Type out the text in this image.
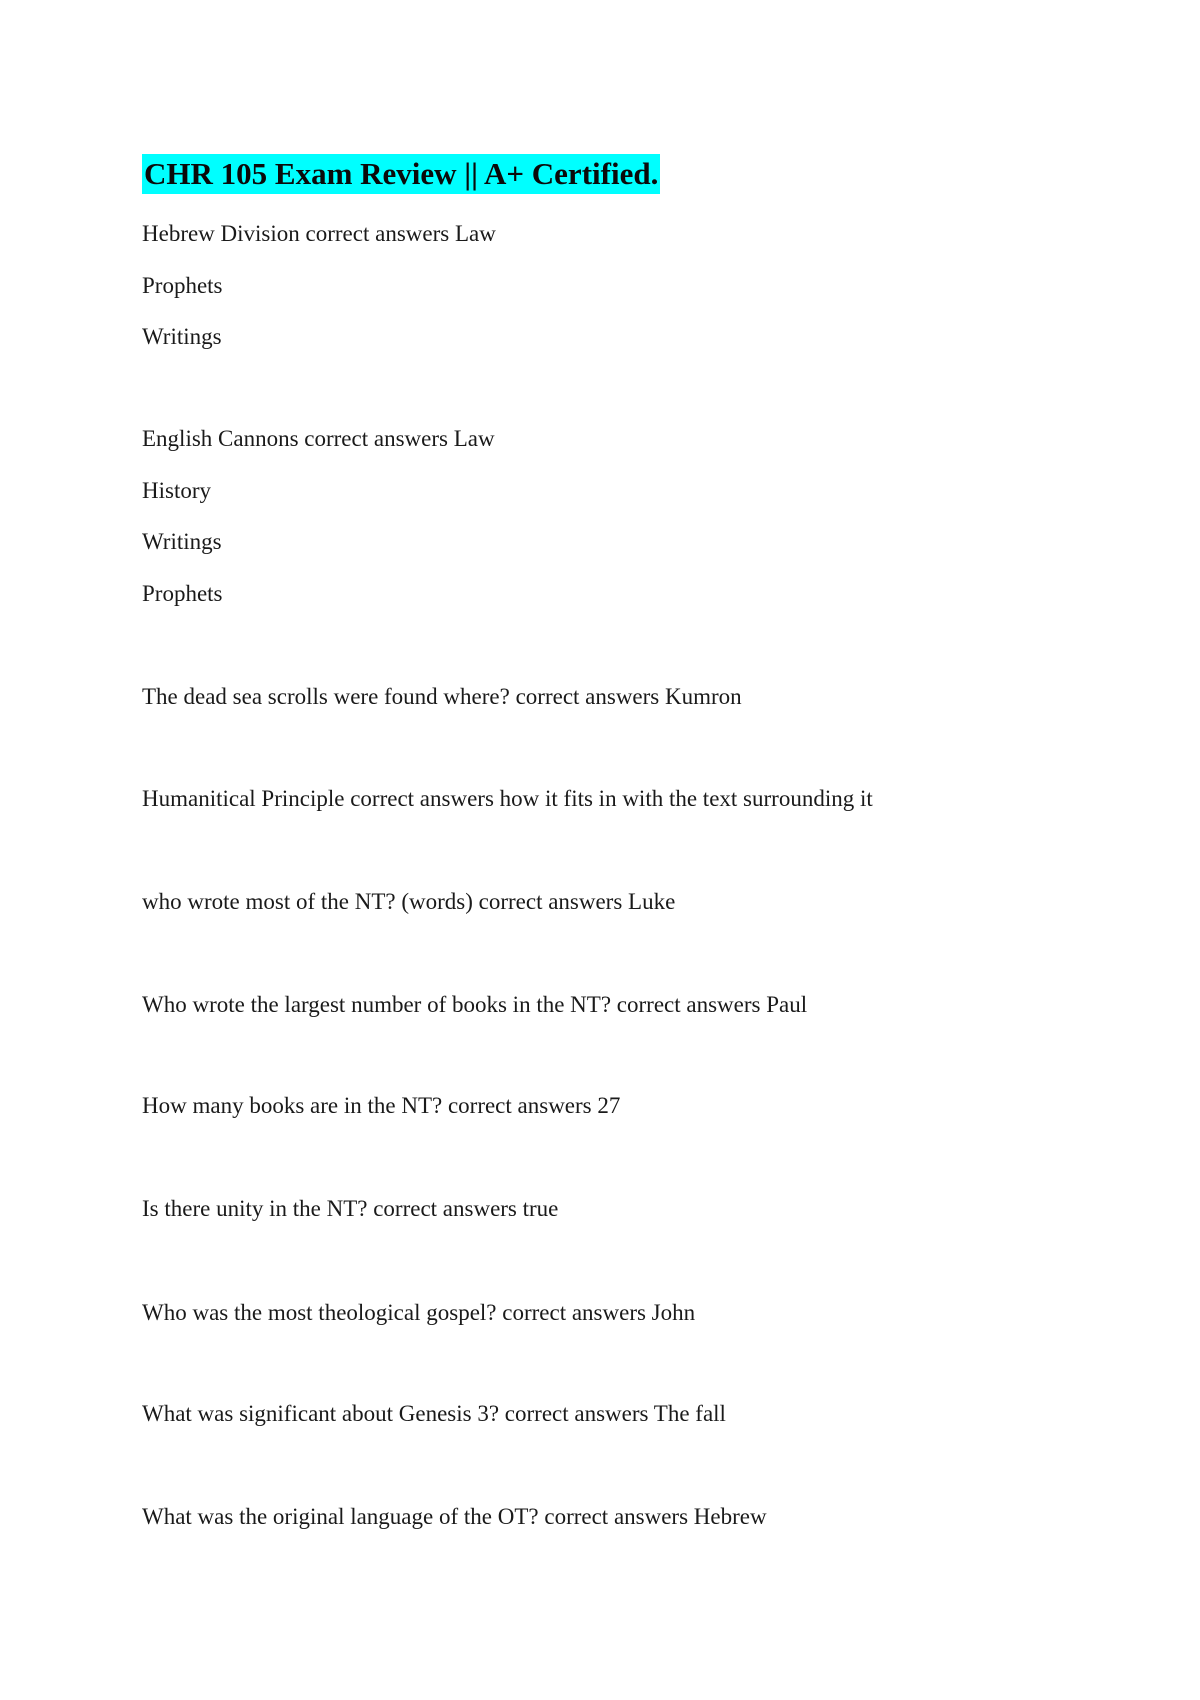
CHR 105 Exam Review || A+ Certified.
Hebrew Division correct answers Law
Prophets
Writings
English Cannons correct answers Law
History
Writings
Prophets
The dead sea scrolls were found where? correct answers Kumron
Humanitical Principle correct answers how it fits in with the text surrounding it
who wrote most of the NT? (words) correct answers Luke
Who wrote the largest number of books in the NT? correct answers Paul
How many books are in the NT? correct answers 27
Is there unity in the NT? correct answers true
Who was the most theological gospel? correct answers John
What was significant about Genesis 3? correct answers The fall
What was the original language of the OT? correct answers Hebrew
